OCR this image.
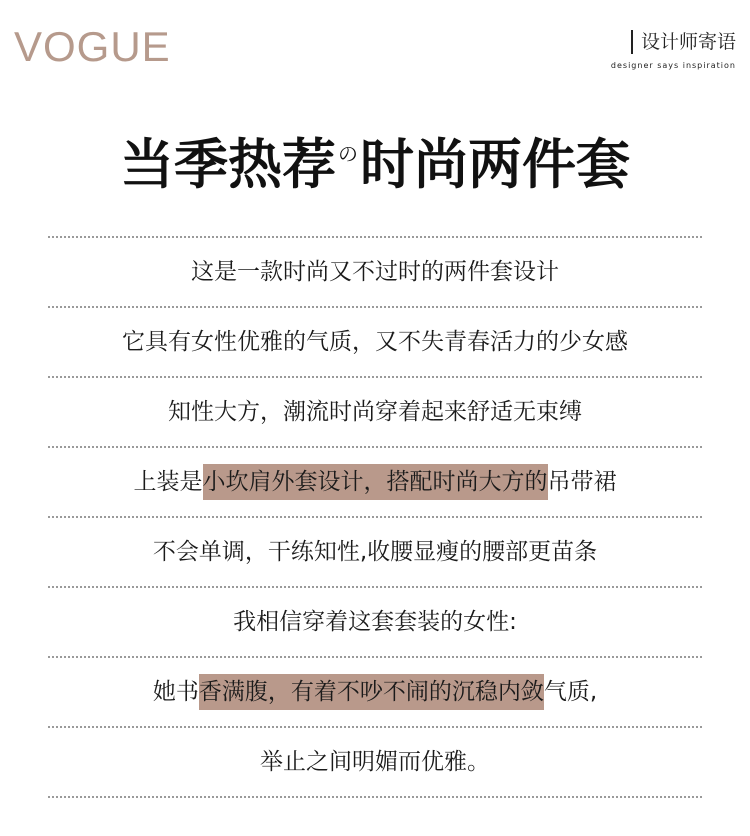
VOGUE	设计师寄语
designer says inspiration
当季热荐 の时尚两件套
这是一款时尚又不过时的两件套设计
它具有女性优雅的气质，又不失青春活力的少女感
知性大方，潮流时尚穿着起来舒适无束缚
上装是小坎肩外套设计，搭配时尚大方的吊带裙
不会单调，干练知性,收腰显瘦的腰部更苗条
我相信穿着这套套装的女性:
她书香满腹，有着不吵不闹的沉稳内敛气质,
举止之间明媚而优雅。
